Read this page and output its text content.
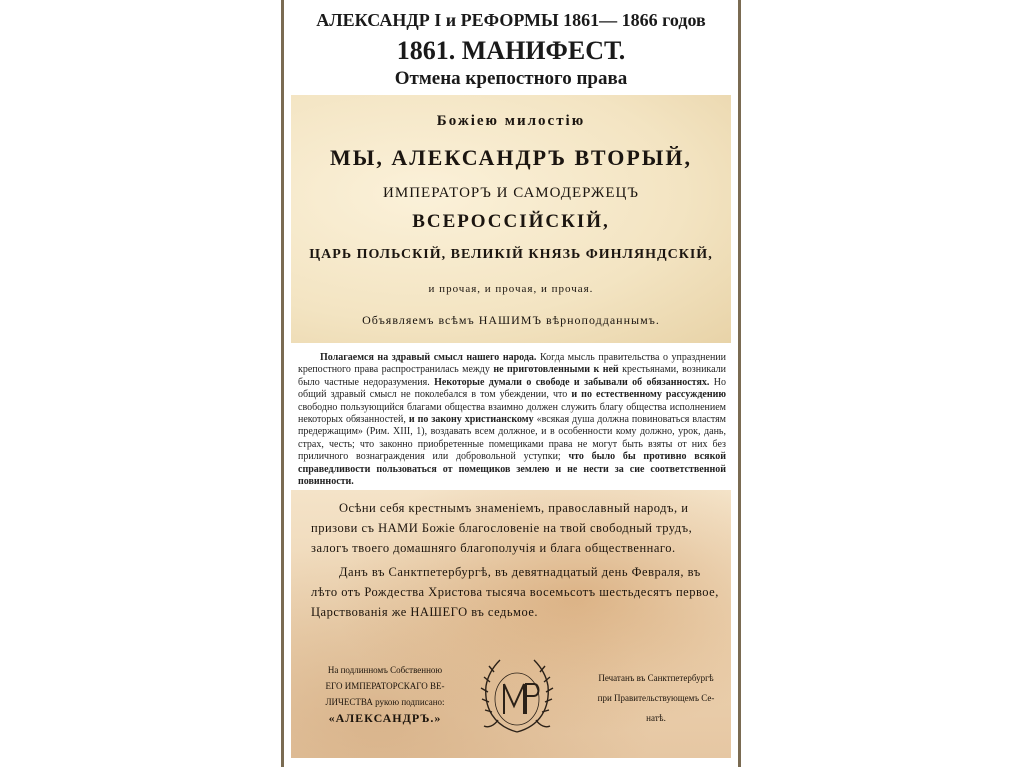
АЛЕКСАНДР I и РЕФОРМЫ 1861— 1866 годов
1861. МАНИФЕСТ.
Отмена крепостного права
Божiею милостiю
МЫ, АЛЕКСАНДРЪ ВТОРЫЙ,
ИМПЕРАТОРЪ И САМОДЕРЖЕЦЪ
ВСЕРОССIЙСКIЙ,
ЦАРЬ ПОЛЬСКIЙ, ВЕЛИКIЙ КНЯЗЬ ФИНЛЯНДСКIЙ,
и прочая, и прочая, и прочая.
Объявляемъ всѣмъ НАШИМЪ вѣрноподданнымъ.
Полагаемся на здравый смысл нашего народа. Когда мысль правительства о упразднении крепостного права распространилась между не приготовленными к ней крестьянами, возникали было частные недоразумения. Некоторые думали о свободе и забывали об обязанностях. Но общий здравый смысл не поколебался в том убеждении, что и по естественному рассуждению свободно пользующийся благами общества взаимно должен служить благу общества исполнением некоторых обязанностей, и по закону христианскому «всякая душа должна повиноваться властям предержащим» (Рим. XIII, 1), воздавать всем должное, и в особенности кому должно, урок, дань, страх, честь; что законно приобретенные помещиками права не могут быть взяты от них без приличного вознаграждения или добровольной уступки; что было бы противно всякой справедливости пользоваться от помещиков землею и не нести за сие соответственной повинности.
Осѣни себя крестнымъ знаменiемъ, православный народъ, и призови съ НАМИ Божiе благословенiе на твой свободный трудъ, залогъ твоего домашняго благополучiя и блага общественнаго.
Данъ въ Санктпетербургѣ, въ девятнадцатый день Февраля, въ лѣто отъ Рождества Христова тысяча восемьсотъ шестьдесятъ первое, Царствованiя же НАШЕГО въ седьмое.
На подлинномъ Собственною
ЕГО ИМПЕРАТОРСКАГО ВЕ-
ЛИЧЕСТВА рукою подписано:
«АЛЕКСАНДРЪ.»
Печатанъ въ Санктпетербургѣ
при Правительствующемъ Се-
натѣ.
